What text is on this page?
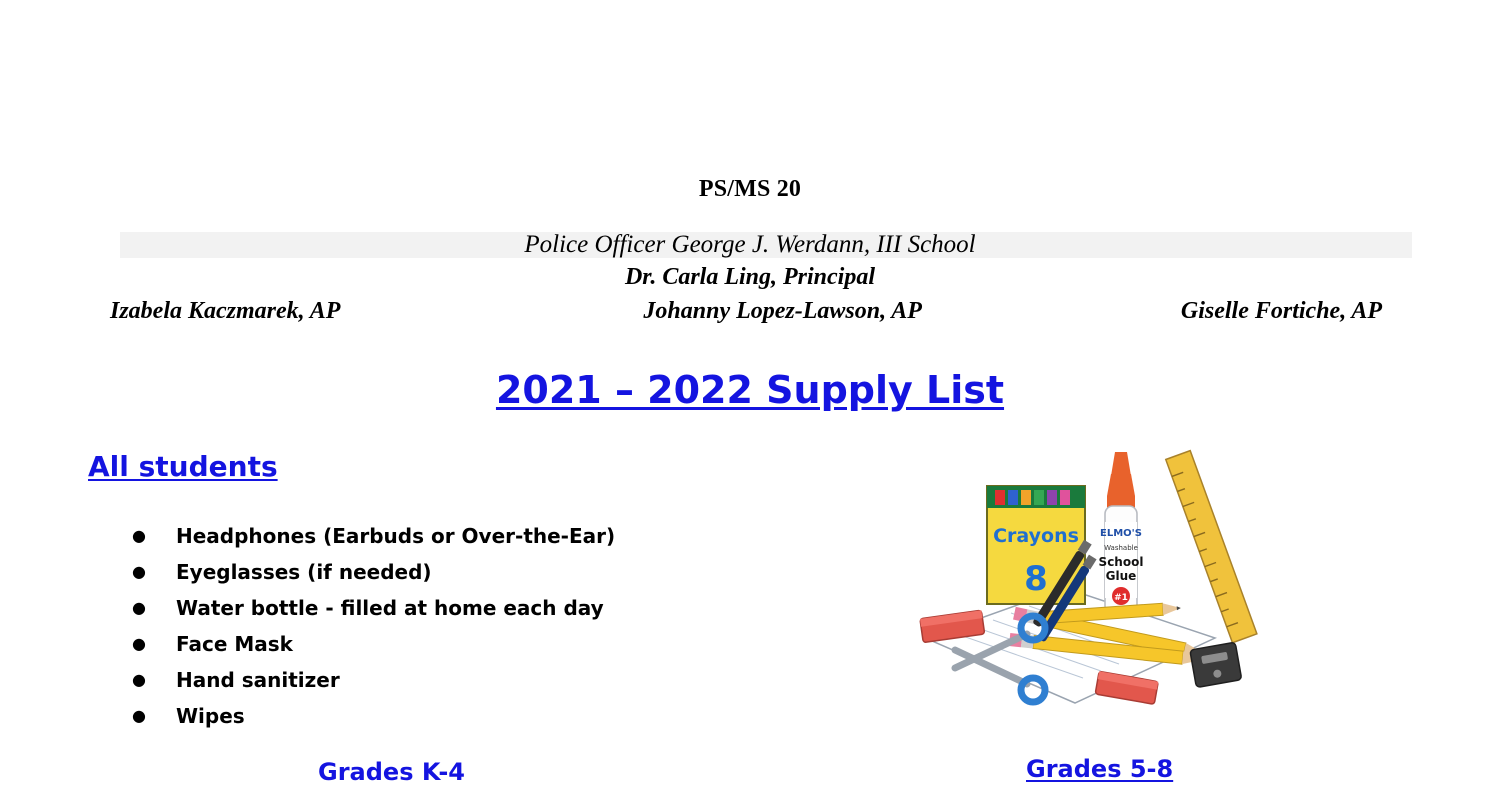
PS/MS 20
Police Officer George J. Werdann, III School
Dr. Carla Ling, Principal
Izabela Kaczmarek, AP	Johanny Lopez-Lawson, AP	Giselle Fortiche, AP
2021 – 2022 Supply List
All students
● Headphones (Earbuds or Over-the-Ear)
● Eyeglasses (if needed)
● Water bottle - filled at home each day
● Face Mask
● Hand sanitizer
● Wipes
Grades K-4	Grades 5-8
Crayons
8
ELMO'S
Washable
School
Glue
#1
